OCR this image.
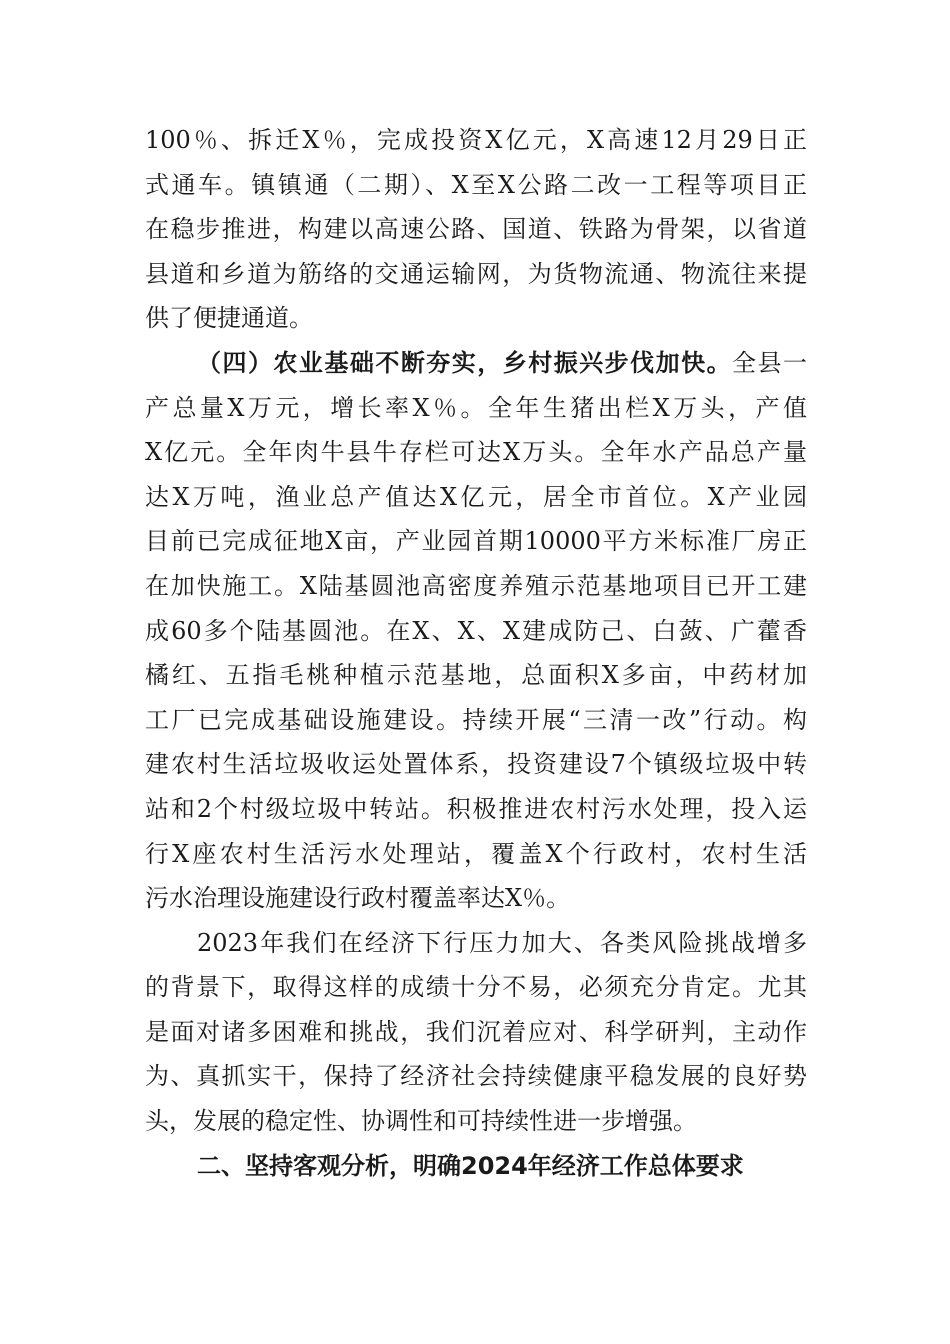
100％、拆迁X％，完成投资X亿元，X高速12月29日正
式通车。镇镇通（二期）、X至X公路二改一工程等项目正
在稳步推进，构建以高速公路、国道、铁路为骨架，以省道
县道和乡道为筋络的交通运输网，为货物流通、物流往来提
供了便捷通道。
（四）农业基础不断夯实，乡村振兴步伐加快。全县一
产总量X万元，增长率X％。全年生猪出栏X万头，产值
X亿元。全年肉牛县牛存栏可达X万头。全年水产品总产量
达X万吨，渔业总产值达X亿元，居全市首位。X产业园
目前已完成征地X亩，产业园首期10000平方米标准厂房正
在加快施工。X陆基圆池高密度养殖示范基地项目已开工建
成60多个陆基圆池。在X、X、X建成防己、白蔹、广藿香
橘红、五指毛桃种植示范基地，总面积X多亩，中药材加
工厂已完成基础设施建设。持续开展“三清一改”行动。构
建农村生活垃圾收运处置体系，投资建设7个镇级垃圾中转
站和2个村级垃圾中转站。积极推进农村污水处理，投入运
行X座农村生活污水处理站，覆盖X个行政村，农村生活
污水治理设施建设行政村覆盖率达X％。
2023年我们在经济下行压力加大、各类风险挑战增多
的背景下，取得这样的成绩十分不易，必须充分肯定。尤其
是面对诸多困难和挑战，我们沉着应对、科学研判，主动作
为、真抓实干，保持了经济社会持续健康平稳发展的良好势
头，发展的稳定性、协调性和可持续性进一步增强。
二、坚持客观分析，明确2024年经济工作总体要求
